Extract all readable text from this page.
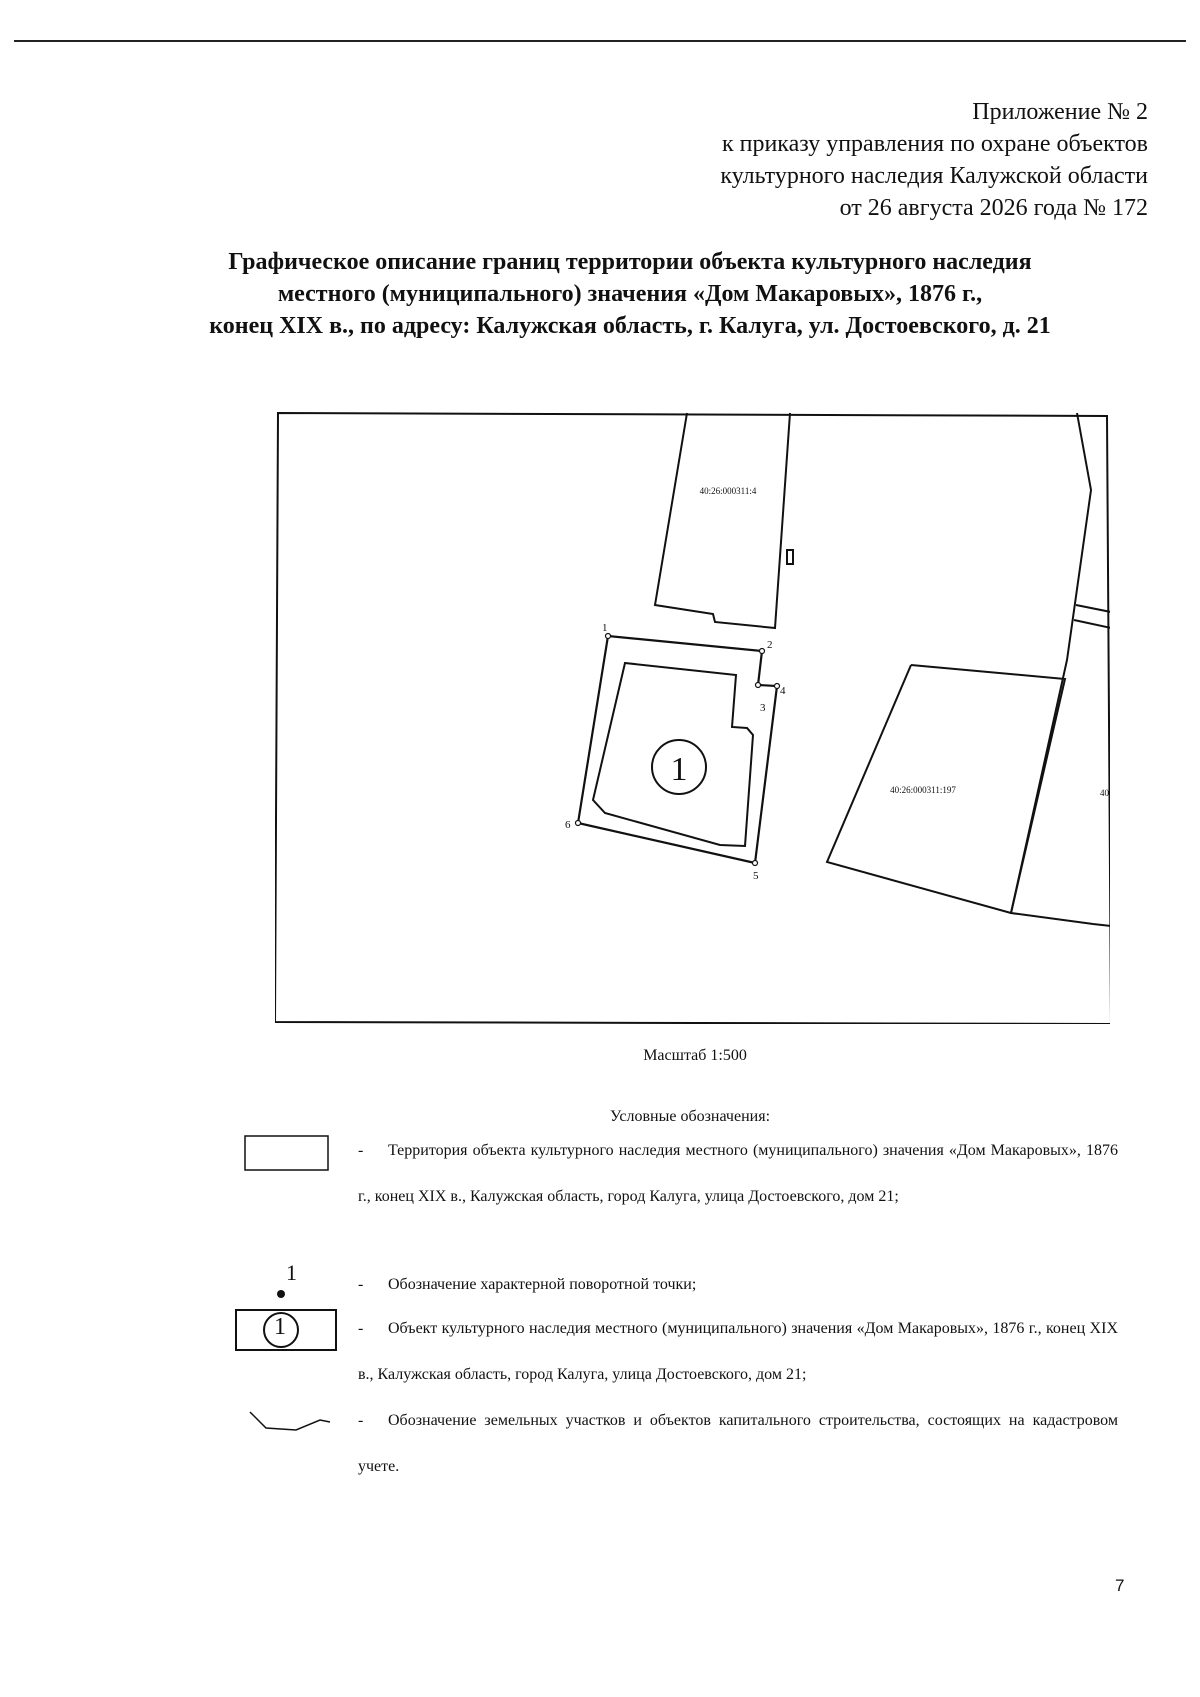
Приложение № 2
к приказу управления по охране объектов
культурного наследия Калужской области
от 26 августа 2026 года № 172
Графическое описание границ территории объекта культурного наследия
местного (муниципального) значения «Дом Макаровых», 1876 г.,
конец XIX в., по адресу: Калужская область, г. Калуга, ул. Достоевского, д. 21
1
40:26:000311:4
40:26:000311:197	40
1
2
3
4
5
6
Масштаб 1:500
Условные обозначения:
- Территория объекта культурного наследия местного (муниципального) значения «Дом Макаровых», 1876 г., конец XIX в., Калужская область, город Калуга, улица Достоевского, дом 21;
1	- Обозначение характерной поворотной точки;
1	- Объект культурного наследия местного (муниципального) значения «Дом Макаровых», 1876 г., конец XIX в., Калужская область, город Калуга, улица Достоевского, дом 21;
- Обозначение земельных участков и объектов капитального строительства, состоящих на кадастровом учете.
7
